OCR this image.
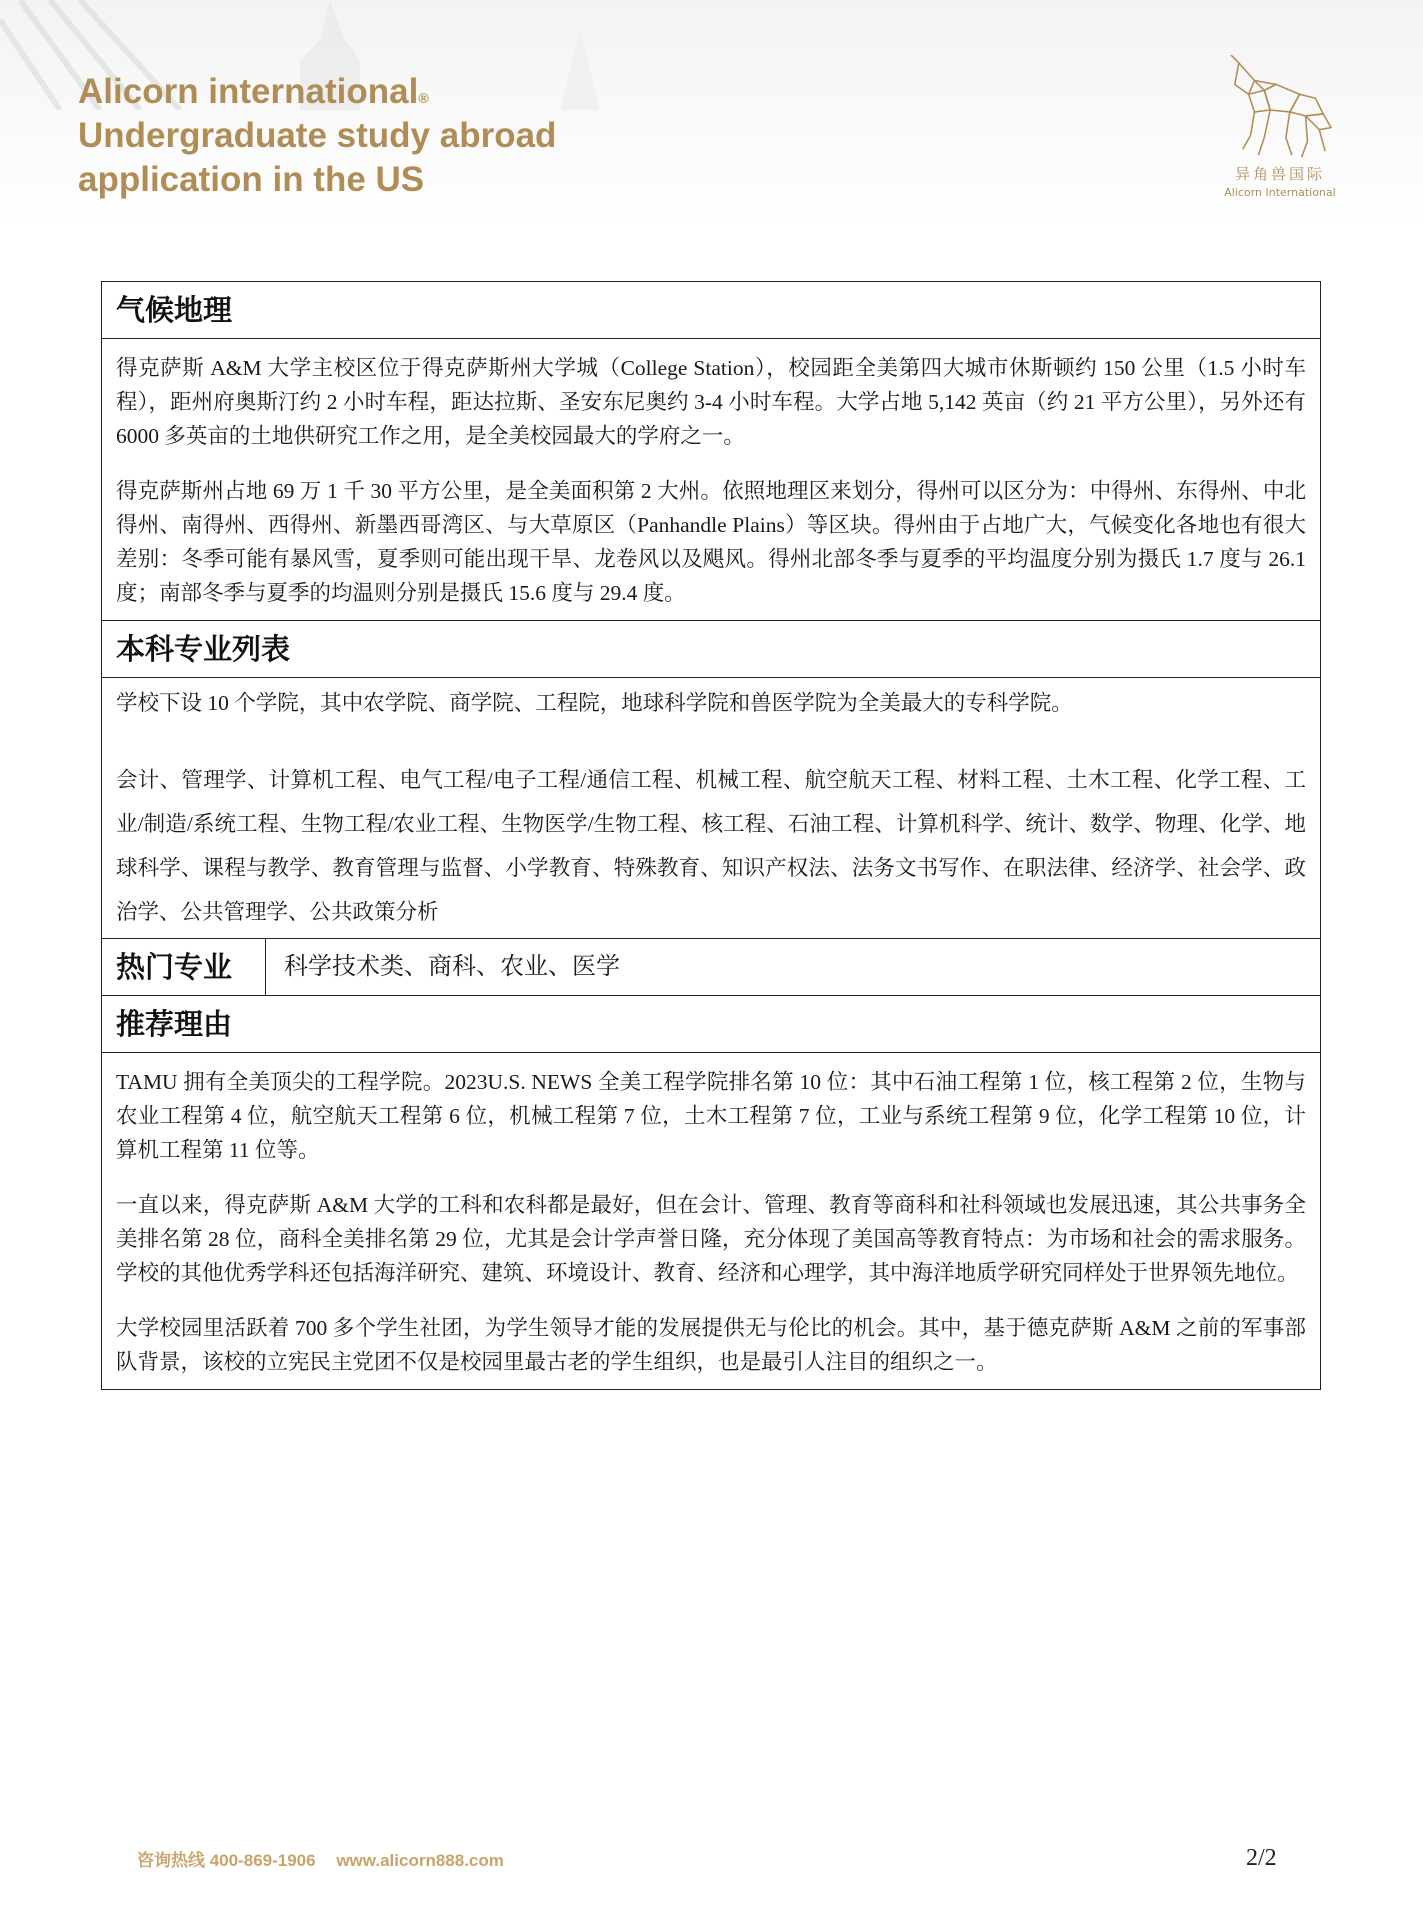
Alicorn international®
Undergraduate study abroad
application in the US	异角兽国际
Alicorn International
气候地理

得克萨斯 A&M 大学主校区位于得克萨斯州大学城（College Station），校园距全美第四大城市休斯顿约 150 公里（1.5 小时车程），距州府奥斯汀约 2 小时车程，距达拉斯、圣安东尼奥约 3-4 小时车程。大学占地 5,142 英亩（约 21 平方公里），另外还有 6000 多英亩的土地供研究工作之用，是全美校园最大的学府之一。

得克萨斯州占地 69 万 1 千 30 平方公里，是全美面积第 2 大州。依照地理区来划分，得州可以区分为：中得州、东得州、中北得州、南得州、西得州、新墨西哥湾区、与大草原区（Panhandle Plains）等区块。得州由于占地广大，气候变化各地也有很大差别：冬季可能有暴风雪，夏季则可能出现干旱、龙卷风以及飓风。得州北部冬季与夏季的平均温度分别为摄氏 1.7 度与 26.1 度；南部冬季与夏季的均温则分别是摄氏 15.6 度与 29.4 度。

本科专业列表

学校下设 10 个学院，其中农学院、商学院、工程院，地球科学院和兽医学院为全美最大的专科学院。

会计、管理学、计算机工程、电气工程/电子工程/通信工程、机械工程、航空航天工程、材料工程、土木工程、化学工程、工业/制造/系统工程、生物工程/农业工程、生物医学/生物工程、核工程、石油工程、计算机科学、统计、数学、物理、化学、地球科学、课程与教学、教育管理与监督、小学教育、特殊教育、知识产权法、法务文书写作、在职法律、经济学、社会学、政治学、公共管理学、公共政策分析

热门专业	科学技术类、商科、农业、医学
推荐理由

TAMU 拥有全美顶尖的工程学院。2023U.S. NEWS 全美工程学院排名第 10 位：其中石油工程第 1 位，核工程第 2 位，生物与农业工程第 4 位，航空航天工程第 6 位，机械工程第 7 位，土木工程第 7 位，工业与系统工程第 9 位，化学工程第 10 位，计算机工程第 11 位等。

一直以来，得克萨斯 A&M 大学的工科和农科都是最好，但在会计、管理、教育等商科和社科领域也发展迅速，其公共事务全美排名第 28 位，商科全美排名第 29 位，尤其是会计学声誉日隆，充分体现了美国高等教育特点：为市场和社会的需求服务。学校的其他优秀学科还包括海洋研究、建筑、环境设计、教育、经济和心理学，其中海洋地质学研究同样处于世界领先地位。

大学校园里活跃着 700 多个学生社团，为学生领导才能的发展提供无与伦比的机会。其中，基于德克萨斯 A&M 之前的军事部队背景，该校的立宪民主党团不仅是校园里最古老的学生组织，也是最引人注目的组织之一。

咨询热线 400-869-1906 www.alicorn888.com	2/2
